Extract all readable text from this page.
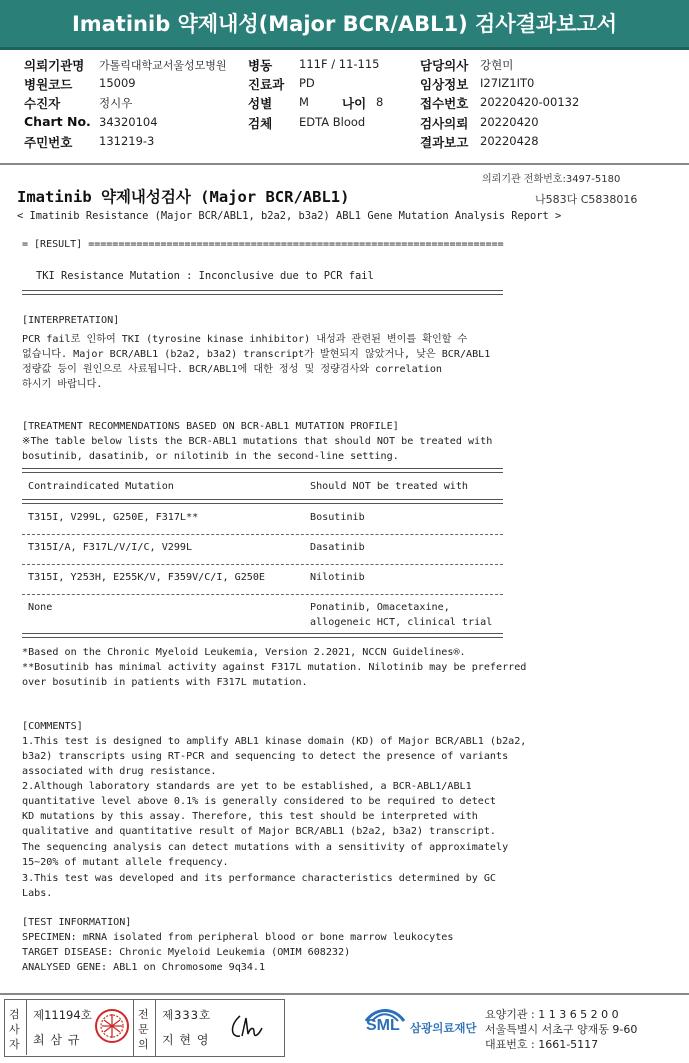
Imatinib 약제내성(Major BCR/ABL1) 검사결과보고서
의뢰기관명 가톨릭대학교서울성모병원
병원코드 15009
수진자	정시우
Chart No. 34320104
주민번호 131219-3
병동 111F / 11-115
진료과 PD
성별 M	나이 8
검체 EDTA Blood
담당의사 강현미
임상정보 I27IZ1IT0
접수번호 20220420-00132
검사의뢰 20220420
결과보고 20220428
의뢰기관 전화번호:3497-5180
Imatinib 약제내성검사 (Major BCR/ABL1)	나583다 C5838016
< Imatinib Resistance (Major BCR/ABL1, b2a2, b3a2) ABL1 Gene Mutation Analysis Report >
= [RESULT] =====================================================================
TKI Resistance Mutation : Inconclusive due to PCR fail
[INTERPRETATION]
PCR fail로 인하여 TKI (tyrosine kinase inhibitor) 내성과 관련된 변이를 확인할 수
없습니다. Major BCR/ABL1 (b2a2, b3a2) transcript가 발현되지 않았거나, 낮은 BCR/ABL1
정량값 등이 원인으로 사료됩니다. BCR/ABL1에 대한 정성 및 정량검사와 correlation
하시기 바랍니다.
[TREATMENT RECOMMENDATIONS BASED ON BCR-ABL1 MUTATION PROFILE]
※The table below lists the BCR-ABL1 mutations that should NOT be treated with
bosutinib, dasatinib, or nilotinib in the second-line setting.
Contraindicated Mutation	Should NOT be treated with
T315I, V299L, G250E, F317L**	Bosutinib
T315I/A, F317L/V/I/C, V299L	Dasatinib
T315I, Y253H, E255K/V, F359V/C/I, G250E	Nilotinib
None	Ponatinib, Omacetaxine,
allogeneic HCT, clinical trial
*Based on the Chronic Myeloid Leukemia, Version 2.2021, NCCN Guidelines®.
**Bosutinib has minimal activity against F317L mutation. Nilotinib may be preferred
over bosutinib in patients with F317L mutation.
[COMMENTS]
1.This test is designed to amplify ABL1 kinase domain (KD) of Major BCR/ABL1 (b2a2,
b3a2) transcripts using RT-PCR and sequencing to detect the presence of variants
associated with drug resistance.
2.Although laboratory standards are yet to be established, a BCR-ABL1/ABL1
quantitative level above 0.1% is generally considered to be required to detect
KD mutations by this assay. Therefore, this test should be interpreted with
qualitative and quantitative result of Major BCR/ABL1 (b2a2, b3a2) transcript.
The sequencing analysis can detect mutations with a sensitivity of approximately
15~20% of mutant allele frequency.
3.This test was developed and its performance characteristics determined by GC
Labs.
[TEST INFORMATION]
SPECIMEN: mRNA isolated from peripheral blood or bone marrow leukocytes
TARGET DISEASE: Chronic Myeloid Leukemia (OMIM 608232)
ANALYSED GENE: ABL1 on Chromosome 9q34.1
검
사
자
제11194호
최 삼 규
전
문
의
제333호
지 현 영
SML 삼광의료재단
요양기관 : 1 1 3 6 5 2 0 0
서울특별시 서초구 양재동 9-60
대표번호 : 1661-5117
